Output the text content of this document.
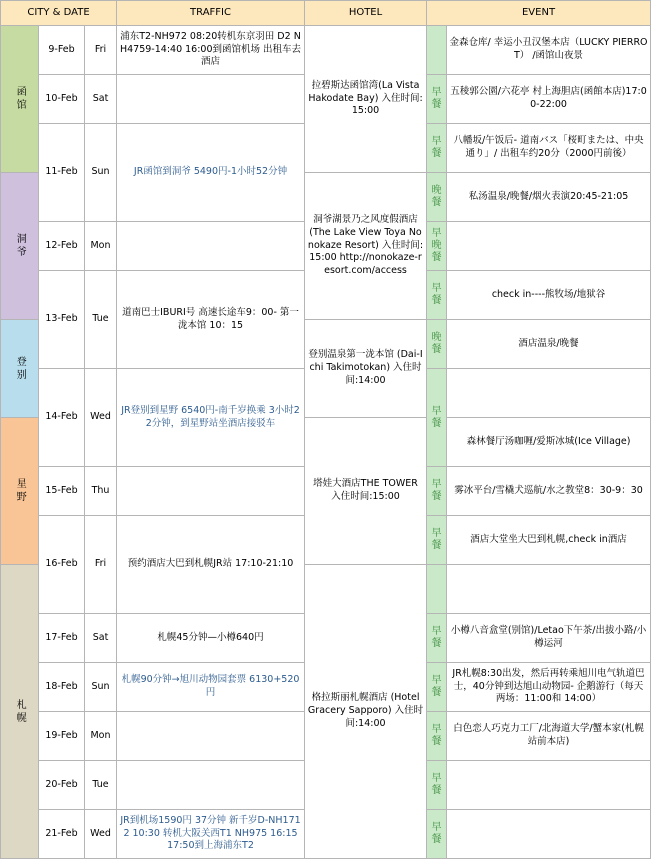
CITY & DATE			TRAFFIC	HOTEL	EVENT	
函馆	9-Feb	Fri	浦东T2-NH972 08:20转机东京羽田 D2 NH4759-14:40 16:00到函馆机场 出租车去酒店	拉碧斯达函馆湾(La Vista Hakodate Bay) 入住时间:15:00		金森仓库/ 幸运小丑汉堡本店（LUCKY PIERROT） /函馆山夜景
	10-Feb	Sat			早餐	五稜郭公園/六花亭 村上海胆店(函館本店)17:00-22:00
	11-Feb	Sun	JR函馆到洞爷 5490円-1小时52分钟		早餐	八幡坂/午饭后- 道南バス「桜町または、中央通り」/ 出租车约20分（2000円前後）
洞爷				洞爷湖景乃之风度假酒店 (The Lake View Toya Nonokaze Resort) 入住时间:15:00 http://nonokaze-resort.com/access	晚餐	私汤温泉/晚餐/烟火表演20:45-21:05
	12-Feb	Mon			早晚餐	
	13-Feb	Tue	道南巴士IBURI号 高速长途车9：00- 第一泷本馆 10：15		早餐	check in----熊牧场/地狱谷
登别				登别温泉第一泷本馆 (Dai-Ichi Takimotokan) 入住时间:14:00	晚餐	酒店温泉/晚餐
	14-Feb	Wed	JR登别到星野 6540円-南千岁换乘 3小时22分钟，到星野站坐酒店接驳车		早餐	
星野				塔娃大酒店THE TOWER 入住时间:15:00		森林餐厅汤咖喱/爱斯冰城(Ice Village)
	15-Feb	Thu			早餐	雾冰平台/雪橇犬巡航/水之教堂8：30-9：30
	16-Feb	Fri	预约酒店大巴到札幌JR站 17:10-21:10		早餐	酒店大堂坐大巴到札幌,check in酒店
札幌				格拉斯丽札幌酒店 (Hotel Gracery Sapporo) 入住时间:14:00		
	17-Feb	Sat	札幌45分钟—小樽640円		早餐	小樽八音盒堂(别馆)/Letao下午茶/出拔小路/小樽运河
	18-Feb	Sun	札幌90分钟→旭川动物园套票 6130+520円		早餐	JR札幌8:30出发，然后再转乘旭川电气轨道巴士，40分钟到达旭山动物园- 企鹅游行（每天两场：11:00和 14:00）
	19-Feb	Mon			早餐	白色恋人巧克力工厂/北海道大学/蟹本家(札幌站前本店)
	20-Feb	Tue			早餐	
	21-Feb	Wed	JR到机场1590円 37分钟 新千岁D-NH1712 10:30 转机大阪关西T1 NH975 16:15 17:50到上海浦东T2		早餐	
